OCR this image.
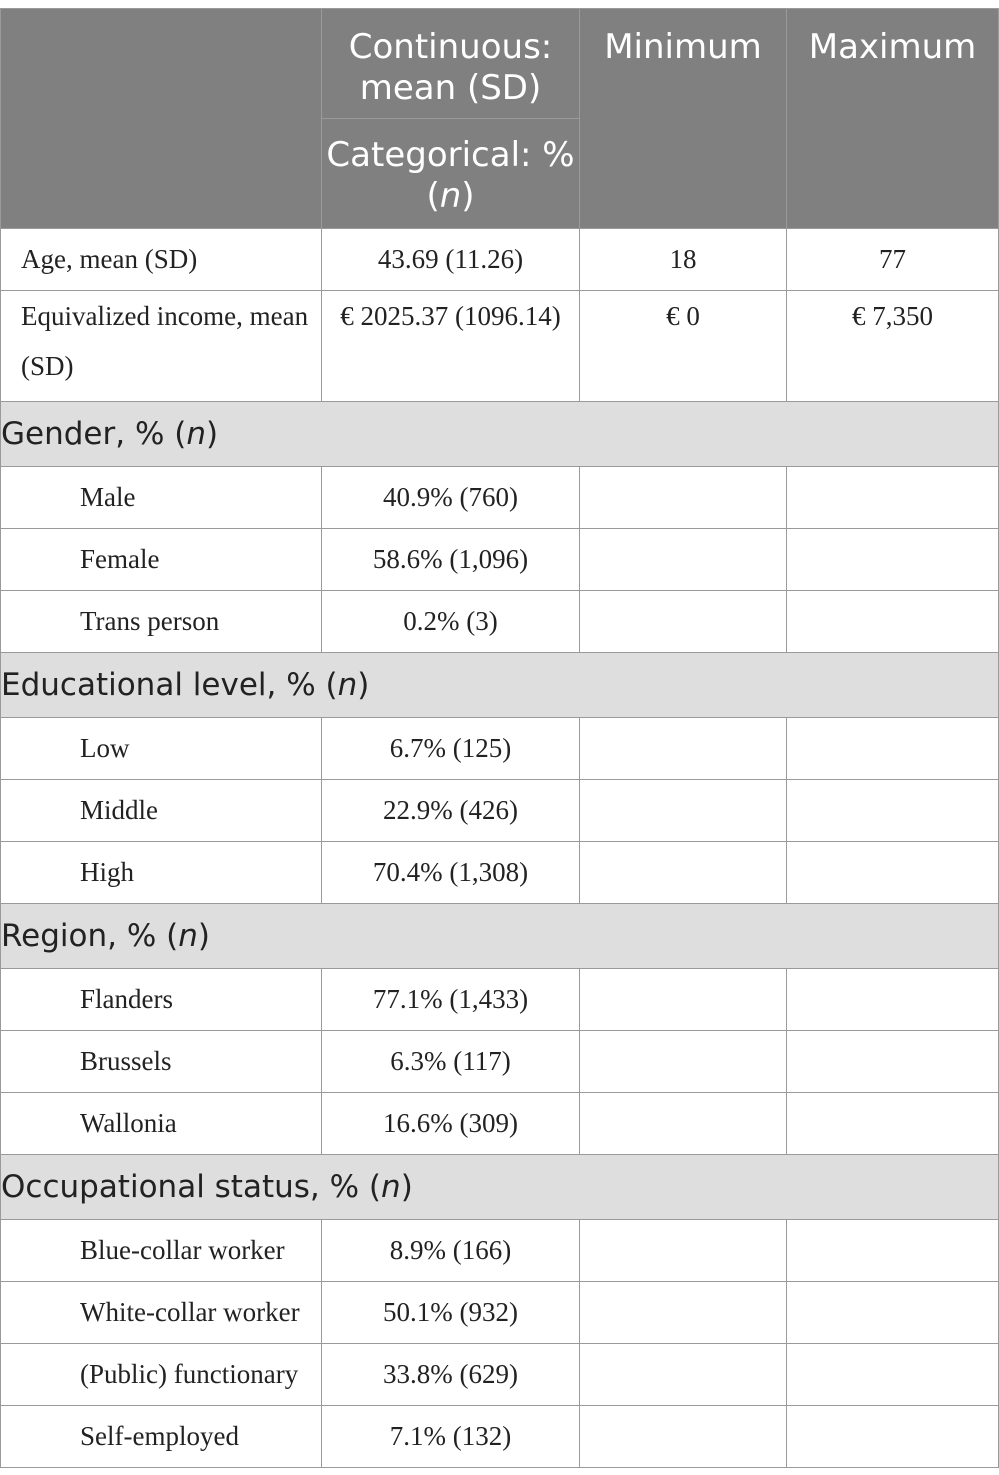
	Continuous: mean (SD)	Minimum	Maximum
	Categorical: % (n)		
Age, mean (SD)	43.69 (11.26)	18	77
Equivalized income, mean (SD)	€ 2025.37 (1096.14)	€ 0	€ 7,350
Gender, % (n)			
Male	40.9% (760)		
Female	58.6% (1,096)		
Trans person	0.2% (3)		
Educational level, % (n)			
Low	6.7% (125)		
Middle	22.9% (426)		
High	70.4% (1,308)		
Region, % (n)			
Flanders	77.1% (1,433)		
Brussels	6.3% (117)		
Wallonia	16.6% (309)		
Occupational status, % (n)			
Blue-collar worker	8.9% (166)		
White-collar worker	50.1% (932)		
(Public) functionary	33.8% (629)		
Self-employed	7.1% (132)		
